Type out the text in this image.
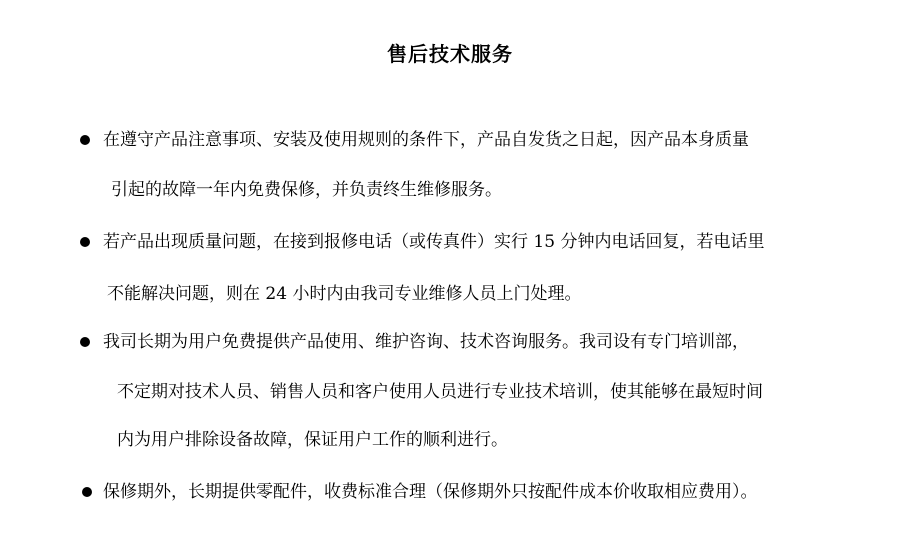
售后技术服务
在遵守产品注意事项、安装及使用规则的条件下，产品自发货之日起，因产品本身质量
引起的故障一年内免费保修，并负责终生维修服务。
若产品出现质量问题，在接到报修电话（或传真件）实行 15 分钟内电话回复，若电话里
不能解决问题，则在 24 小时内由我司专业维修人员上门处理。
我司长期为用户免费提供产品使用、维护咨询、技术咨询服务。我司设有专门培训部，
不定期对技术人员、销售人员和客户使用人员进行专业技术培训，使其能够在最短时间
内为用户排除设备故障，保证用户工作的顺利进行。
保修期外，长期提供零配件，收费标准合理（保修期外只按配件成本价收取相应费用）。
